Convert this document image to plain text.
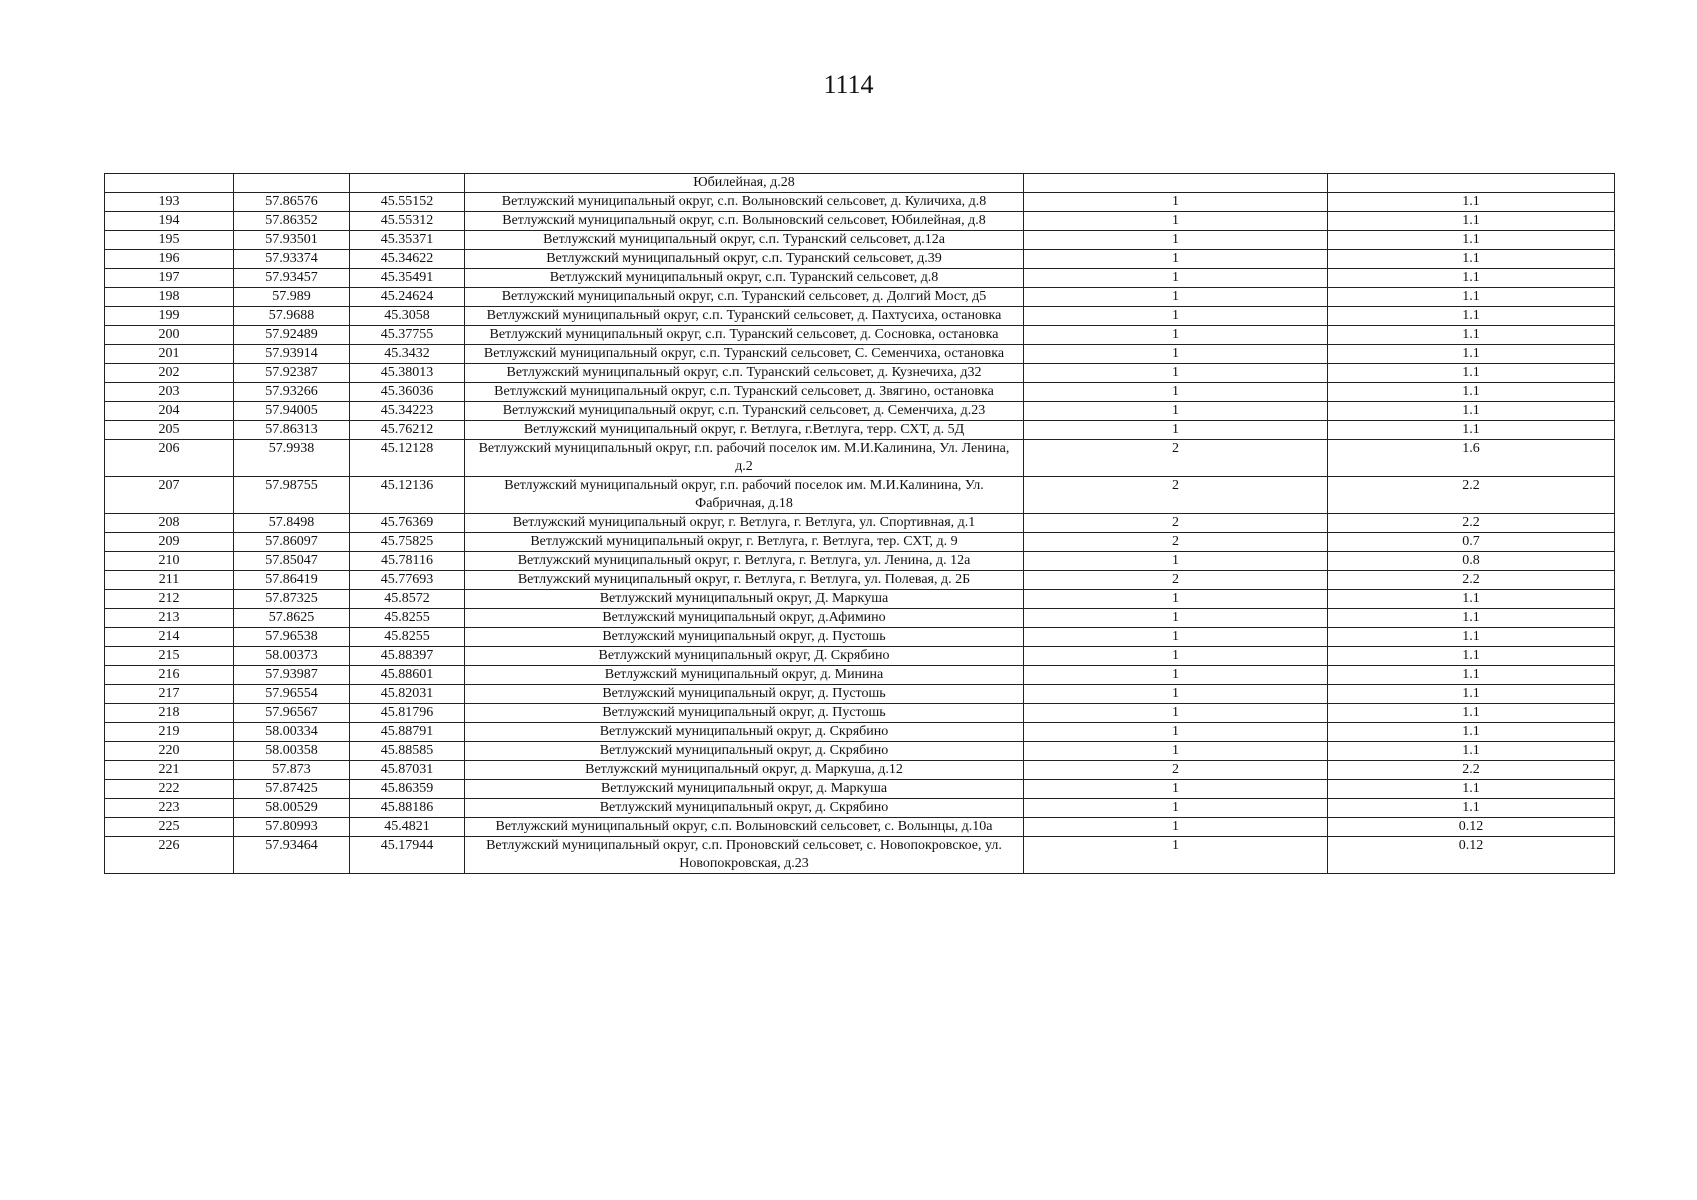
1114
			Юбилейная, д.28		
193	57.86576	45.55152	Ветлужский муниципальный округ, с.п. Волыновский сельсовет, д. Куличиха, д.8	1	1.1
194	57.86352	45.55312	Ветлужский муниципальный округ, с.п. Волыновский сельсовет, Юбилейная, д.8	1	1.1
195	57.93501	45.35371	Ветлужский муниципальный округ, с.п. Туранский сельсовет, д.12а	1	1.1
196	57.93374	45.34622	Ветлужский муниципальный округ, с.п. Туранский сельсовет, д.39	1	1.1
197	57.93457	45.35491	Ветлужский муниципальный округ, с.п. Туранский сельсовет, д.8	1	1.1
198	57.989	45.24624	Ветлужский муниципальный округ, с.п. Туранский сельсовет, д. Долгий Мост, д5	1	1.1
199	57.9688	45.3058	Ветлужский муниципальный округ, с.п. Туранский сельсовет, д. Пахтусиха, остановка	1	1.1
200	57.92489	45.37755	Ветлужский муниципальный округ, с.п. Туранский сельсовет, д. Сосновка, остановка	1	1.1
201	57.93914	45.3432	Ветлужский муниципальный округ, с.п. Туранский сельсовет, С. Семенчиха, остановка	1	1.1
202	57.92387	45.38013	Ветлужский муниципальный округ, с.п. Туранский сельсовет, д. Кузнечиха, д32	1	1.1
203	57.93266	45.36036	Ветлужский муниципальный округ, с.п. Туранский сельсовет, д. Звягино, остановка	1	1.1
204	57.94005	45.34223	Ветлужский муниципальный округ, с.п. Туранский сельсовет, д. Семенчиха, д.23	1	1.1
205	57.86313	45.76212	Ветлужский муниципальный округ, г. Ветлуга, г.Ветлуга, терр. СХТ, д. 5Д	1	1.1
206	57.9938	45.12128	Ветлужский муниципальный округ, г.п. рабочий поселок им. М.И.Калинина, Ул. Ленина, д.2	2	1.6
207	57.98755	45.12136	Ветлужский муниципальный округ, г.п. рабочий поселок им. М.И.Калинина, Ул. Фабричная, д.18	2	2.2
208	57.8498	45.76369	Ветлужский муниципальный округ, г. Ветлуга, г. Ветлуга, ул. Спортивная, д.1	2	2.2
209	57.86097	45.75825	Ветлужский муниципальный округ, г. Ветлуга, г. Ветлуга, тер. СХТ, д. 9	2	0.7
210	57.85047	45.78116	Ветлужский муниципальный округ, г. Ветлуга, г. Ветлуга, ул. Ленина, д. 12а	1	0.8
211	57.86419	45.77693	Ветлужский муниципальный округ, г. Ветлуга, г. Ветлуга, ул. Полевая, д. 2Б	2	2.2
212	57.87325	45.8572	Ветлужский муниципальный округ, Д. Маркуша	1	1.1
213	57.8625	45.8255	Ветлужский муниципальный округ, д.Афимино	1	1.1
214	57.96538	45.8255	Ветлужский муниципальный округ, д. Пустошь	1	1.1
215	58.00373	45.88397	Ветлужский муниципальный округ, Д. Скрябино	1	1.1
216	57.93987	45.88601	Ветлужский муниципальный округ, д. Минина	1	1.1
217	57.96554	45.82031	Ветлужский муниципальный округ, д. Пустошь	1	1.1
218	57.96567	45.81796	Ветлужский муниципальный округ, д. Пустошь	1	1.1
219	58.00334	45.88791	Ветлужский муниципальный округ, д. Скрябино	1	1.1
220	58.00358	45.88585	Ветлужский муниципальный округ, д. Скрябино	1	1.1
221	57.873	45.87031	Ветлужский муниципальный округ, д. Маркуша, д.12	2	2.2
222	57.87425	45.86359	Ветлужский муниципальный округ, д. Маркуша	1	1.1
223	58.00529	45.88186	Ветлужский муниципальный округ, д. Скрябино	1	1.1
225	57.80993	45.4821	Ветлужский муниципальный округ, с.п. Волыновский сельсовет, с. Волынцы, д.10а	1	0.12
226	57.93464	45.17944	Ветлужский муниципальный округ, с.п. Проновский сельсовет, с. Новопокровское, ул. Новопокровская, д.23	1	0.12
